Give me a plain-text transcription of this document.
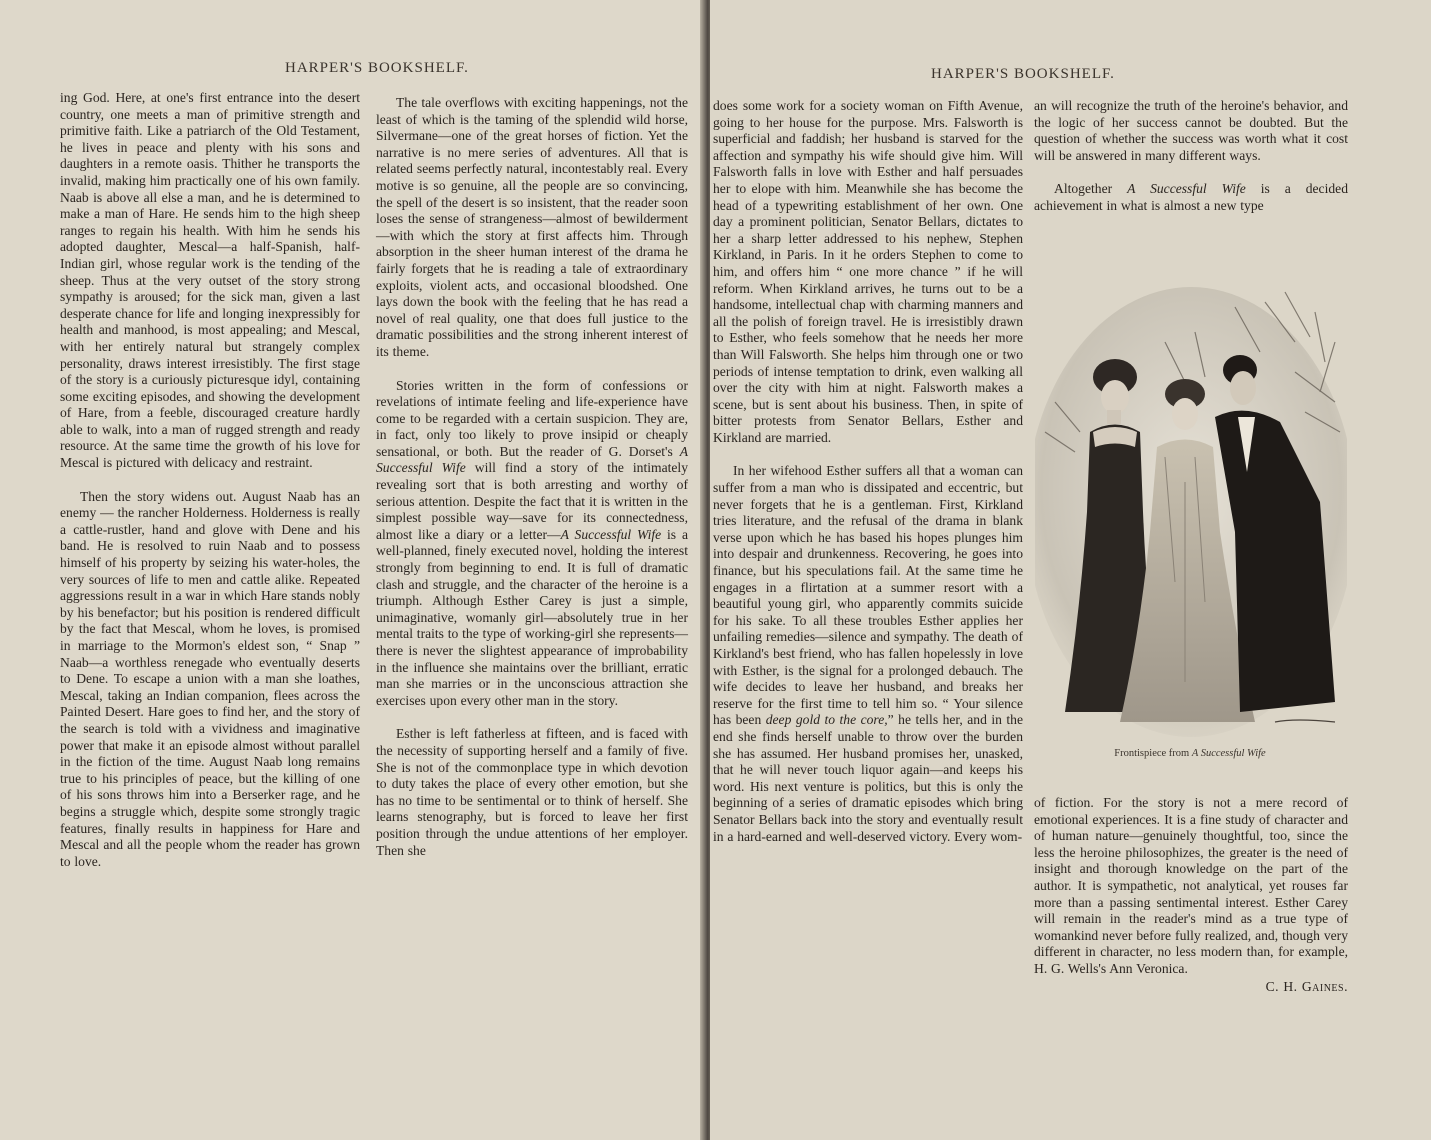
HARPER'S BOOKSHELF.

ing God. Here, at one's first entrance into the desert country, one meets a man of primitive strength and primitive faith. Like a patriarch of the Old Testament, he lives in peace and plenty with his sons and daughters in a remote oasis. Thither he transports the invalid, making him practically one of his own family. Naab is above all else a man, and he is determined to make a man of Hare. He sends him to the high sheep ranges to regain his health. With him he sends his adopted daughter, Mescal—a half-Spanish, half-Indian girl, whose regular work is the tending of the sheep. Thus at the very outset of the story strong sympathy is aroused; for the sick man, given a last desperate chance for life and longing inexpressibly for health and manhood, is most appealing; and Mescal, with her entirely natural but strangely complex personality, draws interest irresistibly. The first stage of the story is a curiously picturesque idyl, containing some exciting episodes, and showing the development of Hare, from a feeble, discouraged creature hardly able to walk, into a man of rugged strength and ready resource. At the same time the growth of his love for Mescal is pictured with delicacy and restraint.

Then the story widens out. August Naab has an enemy — the rancher Holderness. Holderness is really a cattle-rustler, hand and glove with Dene and his band. He is resolved to ruin Naab and to possess himself of his property by seizing his water-holes, the very sources of life to men and cattle alike. Repeated aggressions result in a war in which Hare stands nobly by his benefactor; but his position is rendered difficult by the fact that Mescal, whom he loves, is promised in marriage to the Mormon's eldest son, “ Snap ” Naab—a worthless renegade who eventually deserts to Dene. To escape a union with a man she loathes, Mescal, taking an Indian companion, flees across the Painted Desert. Hare goes to find her, and the story of the search is told with a vividness and imaginative power that make it an episode almost without parallel in the fiction of the time. August Naab long remains true to his principles of peace, but the killing of one of his sons throws him into a Berserker rage, and he begins a struggle which, despite some strongly tragic features, finally results in happiness for Hare and Mescal and all the people whom the reader has grown to love.

The tale overflows with exciting happenings, not the least of which is the taming of the splendid wild horse, Silvermane—one of the great horses of fiction. Yet the narrative is no mere series of adventures. All that is related seems perfectly natural, incontestably real. Every motive is so genuine, all the people are so convincing, the spell of the desert is so insistent, that the reader soon loses the sense of strangeness—almost of bewilderment—with which the story at first affects him. Through absorption in the sheer human interest of the drama he fairly forgets that he is reading a tale of extraordinary exploits, violent acts, and occasional bloodshed. One lays down the book with the feeling that he has read a novel of real quality, one that does full justice to the dramatic possibilities and the strong inherent interest of its theme.

Stories written in the form of confessions or revelations of intimate feeling and life-experience have come to be regarded with a certain suspicion. They are, in fact, only too likely to prove insipid or cheaply sensational, or both. But the reader of G. Dorset's A Successful Wife will find a story of the intimately revealing sort that is both arresting and worthy of serious attention. Despite the fact that it is written in the simplest possible way—save for its connectedness, almost like a diary or a letter—A Successful Wife is a well-planned, finely executed novel, holding the interest strongly from beginning to end. It is full of dramatic clash and struggle, and the character of the heroine is a triumph. Although Esther Carey is just a simple, unimaginative, womanly girl—absolutely true in her mental traits to the type of working-girl she represents—there is never the slightest appearance of improbability in the influence she maintains over the brilliant, erratic man she marries or in the unconscious attraction she exercises upon every other man in the story.

Esther is left fatherless at fifteen, and is faced with the necessity of supporting herself and a family of five. She is not of the commonplace type in which devotion to duty takes the place of every other emotion, but she has no time to be sentimental or to think of herself. She learns stenography, but is forced to leave her first position through the undue attentions of her employer. Then she

HARPER'S BOOKSHELF.

does some work for a society woman on Fifth Avenue, going to her house for the purpose. Mrs. Falsworth is superficial and faddish; her husband is starved for the affection and sympathy his wife should give him. Will Falsworth falls in love with Esther and half persuades her to elope with him. Meanwhile she has become the head of a typewriting establishment of her own. One day a prominent politician, Senator Bellars, dictates to her a sharp letter addressed to his nephew, Stephen Kirkland, in Paris. In it he orders Stephen to come to him, and offers him “ one more chance ” if he will reform. When Kirkland arrives, he turns out to be a handsome, intellectual chap with charming manners and all the polish of foreign travel. He is irresistibly drawn to Esther, who feels somehow that he needs her more than Will Falsworth. She helps him through one or two periods of intense temptation to drink, even walking all over the city with him at night. Falsworth makes a scene, but is sent about his business. Then, in spite of bitter protests from Senator Bellars, Esther and Kirkland are married.

In her wifehood Esther suffers all that a woman can suffer from a man who is dissipated and eccentric, but never forgets that he is a gentleman. First, Kirkland tries literature, and the refusal of the drama in blank verse upon which he has based his hopes plunges him into despair and drunkenness. Recovering, he goes into finance, but his speculations fail. At the same time he engages in a flirtation at a summer resort with a beautiful young girl, who apparently commits suicide for his sake. To all these troubles Esther applies her unfailing remedies—silence and sympathy. The death of Kirkland's best friend, who has fallen hopelessly in love with Esther, is the signal for a prolonged debauch. The wife decides to leave her husband, and breaks her reserve for the first time to tell him so. “ Your silence has been deep gold to the core,” he tells her, and in the end she finds herself unable to throw over the burden she has assumed. Her husband promises her, unasked, that he will never touch liquor again—and keeps his word. His next venture is politics, but this is only the beginning of a series of dramatic episodes which bring Senator Bellars back into the story and eventually result in a hard-earned and well-deserved victory. Every wom-

an will recognize the truth of the heroine's behavior, and the logic of her success cannot be doubted. But the question of whether the success was worth what it cost will be answered in many different ways.

Altogether A Successful Wife is a decided achievement in what is almost a new type

of fiction. For the story is not a mere record of emotional experiences. It is a fine study of character and of human nature—genuinely thoughtful, too, since the less the heroine philosophizes, the greater is the need of insight and thorough knowledge on the part of the author. It is sympathetic, not analytical, yet rouses far more than a passing sentimental interest. Esther Carey will remain in the reader's mind as a true type of womankind never before fully realized, and, though very different in character, no less modern than, for example, H. G. Wells's Ann Veronica.

C. H. Gaines.
Frontispiece from A Successful Wife
